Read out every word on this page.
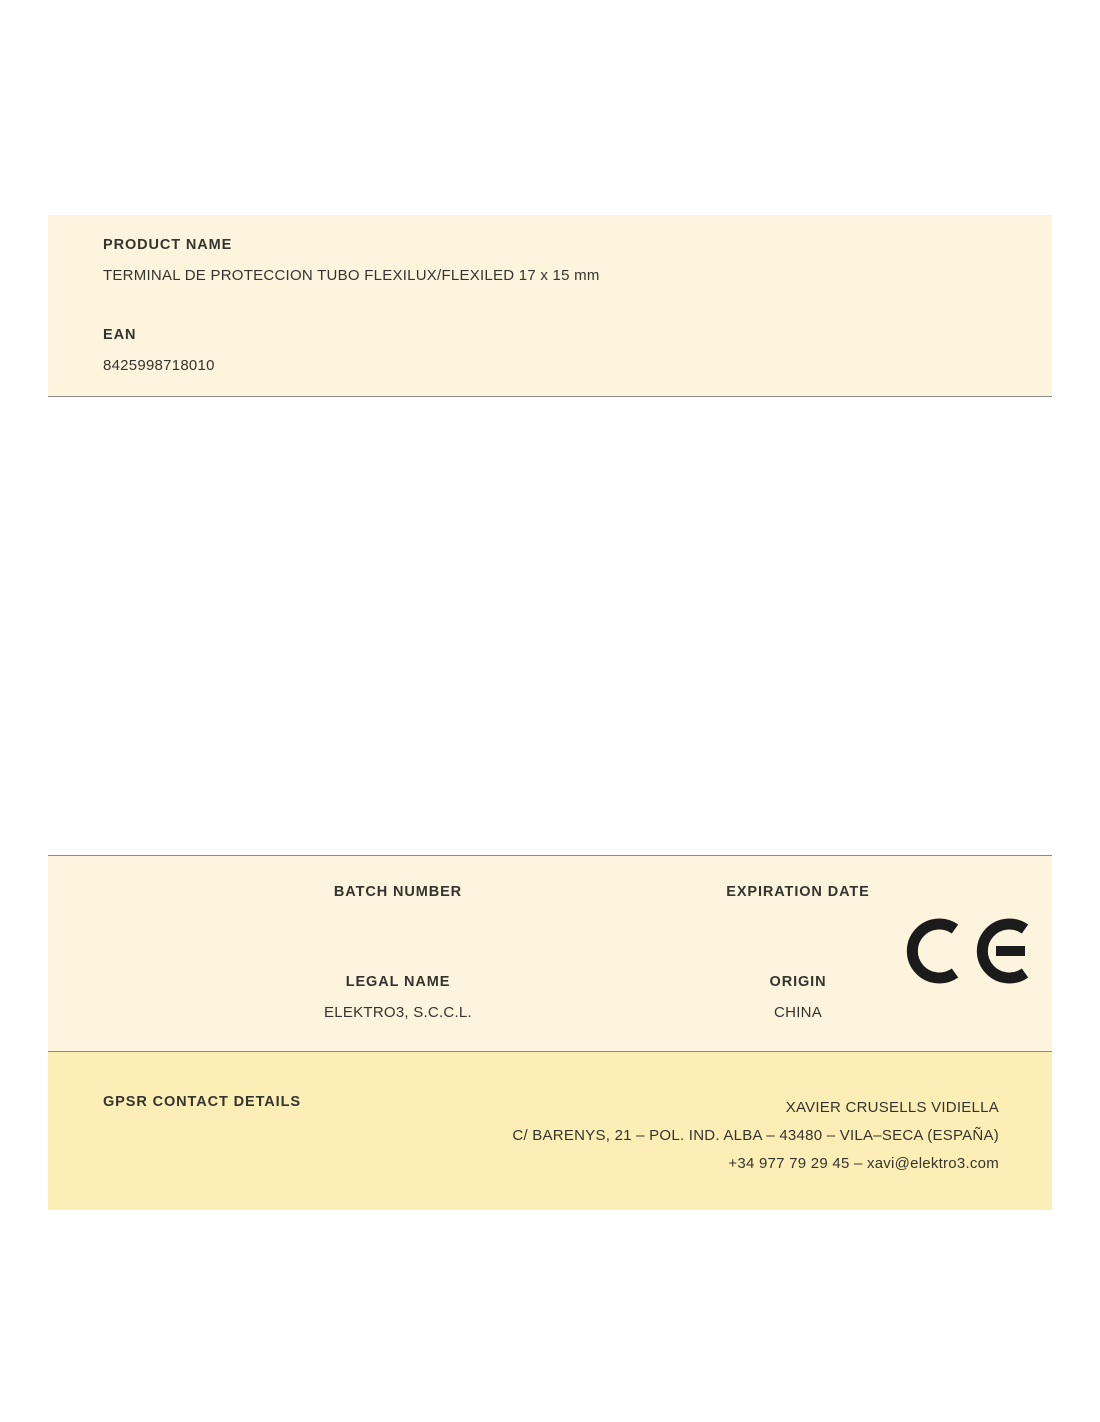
PRODUCT NAME
TERMINAL DE PROTECCION TUBO FLEXILUX/FLEXILED 17 x 15 mm
EAN
8425998718010
BATCH NUMBER	EXPIRATION DATE
LEGAL NAME
ELEKTRO3, S.C.C.L.
ORIGIN
CHINA
GPSR CONTACT DETAILS	XAVIER CRUSELLS VIDIELLA
C/ BARENYS, 21 – POL. IND. ALBA – 43480 – VILA–SECA (ESPAÑA)
+34 977 79 29 45 – xavi@elektro3.com
